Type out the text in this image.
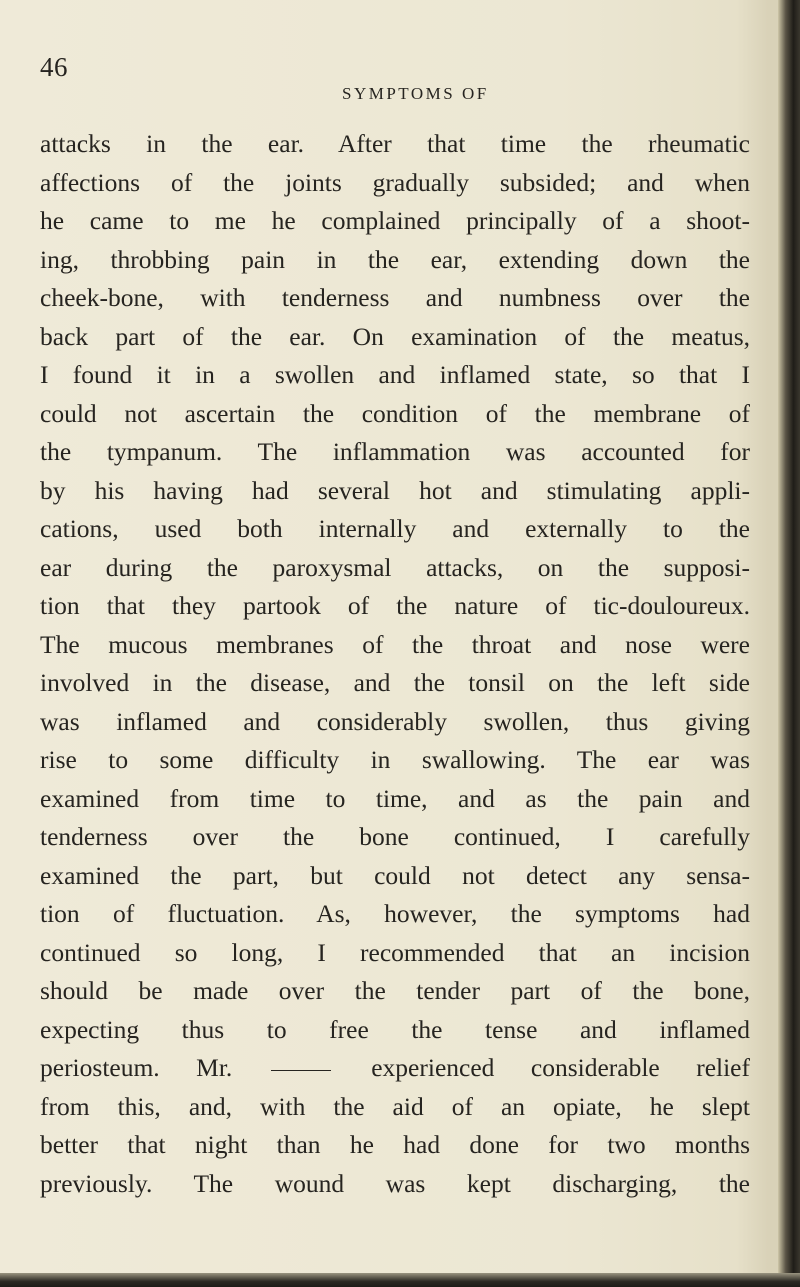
46
SYMPTOMS OF
attacks in the ear. After that time the rheumatic
affections of the joints gradually subsided; and when
he came to me he complained principally of a shoot-
ing, throbbing pain in the ear, extending down the
cheek-bone, with tenderness and numbness over the
back part of the ear. On examination of the meatus,
I found it in a swollen and inflamed state, so that I
could not ascertain the condition of the membrane of
the tympanum. The inflammation was accounted for
by his having had several hot and stimulating appli-
cations, used both internally and externally to the
ear during the paroxysmal attacks, on the supposi-
tion that they partook of the nature of tic-douloureux.
The mucous membranes of the throat and nose were
involved in the disease, and the tonsil on the left side
was inflamed and considerably swollen, thus giving
rise to some difficulty in swallowing. The ear was
examined from time to time, and as the pain and
tenderness over the bone continued, I carefully
examined the part, but could not detect any sensa-
tion of fluctuation. As, however, the symptoms had
continued so long, I recommended that an incision
should be made over the tender part of the bone,
expecting thus to free the tense and inflamed
periosteum. Mr.	experienced considerable relief
from this, and, with the aid of an opiate, he slept
better that night than he had done for two months
previously. The wound was kept discharging, the
